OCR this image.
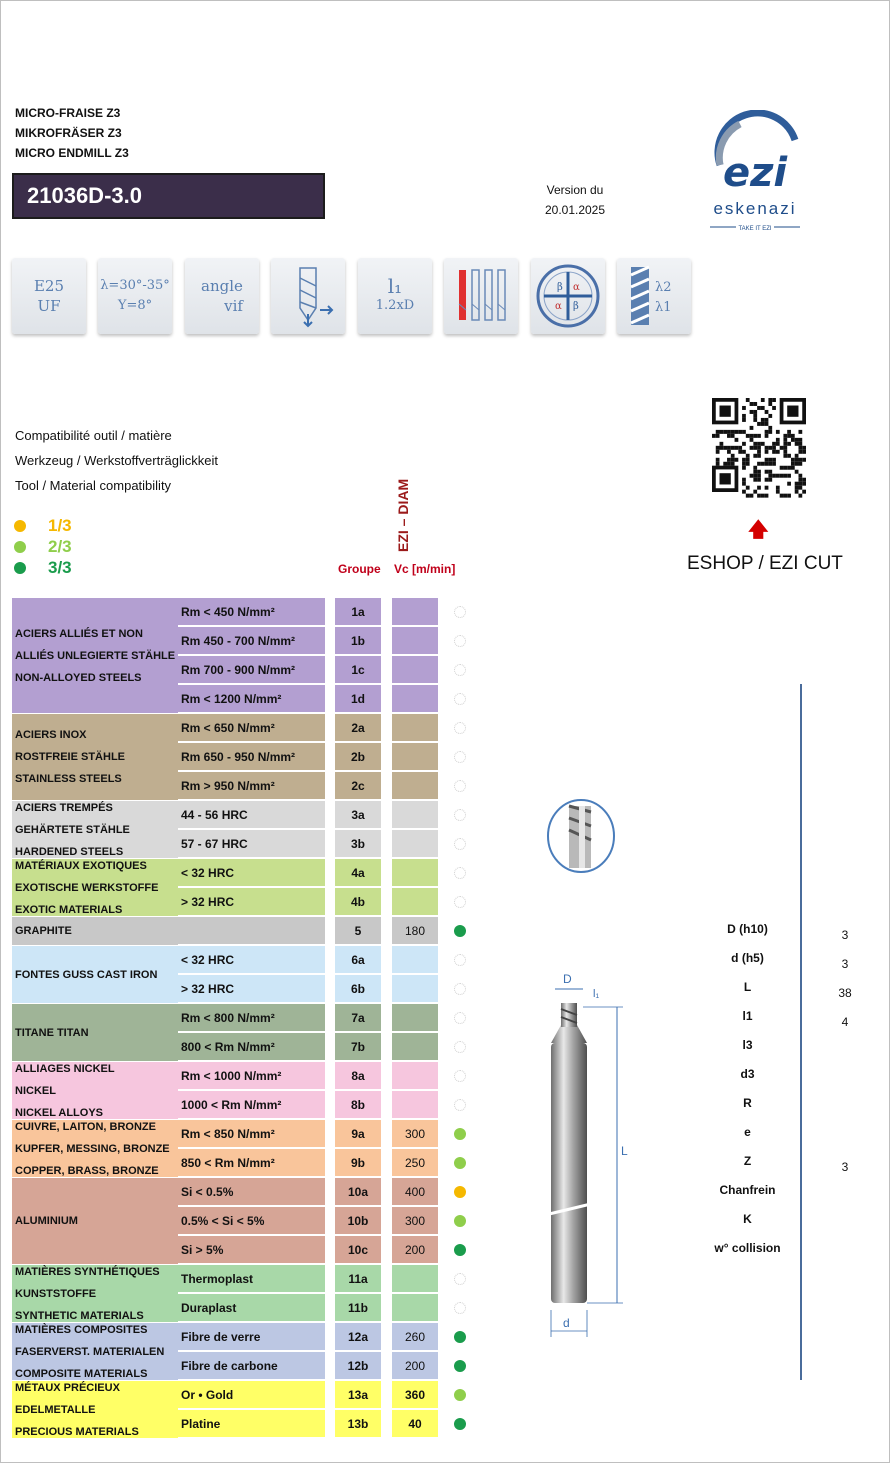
MICRO-FRAISE Z3
MIKROFRÄSER Z3
MICRO ENDMILL Z3
21036D-3.0	Version du
20.01.2025
ezi
eskenazi
TAKE IT EZI
E25
UF
λ=30°-35°
Y=8°
angle
vif
l₁
1.2xD
β α
α β
λ2
λ1
Compatibilité outil / matière
Werkzeug / Werkstoffverträglickkeit
Tool / Material compatibility
1/3
2/3
3/3
🡅
ESHOP / EZI CUT
Groupe Vc [m/min]
EZI – DIAM
ACIERS ALLIÉS ET NON
ALLIÉS UNLEGIERTE STÄHLE
NON-ALLOYED STEELS
Rm < 450 N/mm²	1a
Rm 450 - 700 N/mm²	1b
Rm 700 - 900 N/mm²	1c
Rm < 1200 N/mm²	1d
ACIERS INOX
ROSTFREIE STÄHLE
STAINLESS STEELS
Rm < 650 N/mm²	2a
Rm 650 - 950 N/mm²	2b
Rm > 950 N/mm²	2c
ACIERS TREMPÉS
GEHÄRTETE STÄHLE
HARDENED STEELS
44 - 56 HRC	3a
57 - 67 HRC	3b
MATÉRIAUX EXOTIQUES
EXOTISCHE WERKSTOFFE
EXOTIC MATERIALS
< 32 HRC	4a
> 32 HRC	4b
GRAPHITE	5	180
FONTES GUSS CAST IRON
< 32 HRC	6a
> 32 HRC	6b
TITANE TITAN
Rm < 800 N/mm²	7a
800 < Rm N/mm²	7b
ALLIAGES NICKEL
NICKEL
NICKEL ALLOYS
Rm < 1000 N/mm²	8a
1000 < Rm N/mm²	8b
CUIVRE, LAITON, BRONZE
KUPFER, MESSING, BRONZE
COPPER, BRASS, BRONZE
Rm < 850 N/mm²	9a	300
850 < Rm N/mm²	9b	250
ALUMINIUM
Si < 0.5%	10a	400
0.5% < Si < 5%	10b	300
Si > 5%	10c	200
MATIÈRES SYNTHÉTIQUES
KUNSTSTOFFE
SYNTHETIC MATERIALS
Thermoplast	11a
Duraplast	11b
MATIÈRES COMPOSITES
FASERVERST. MATERIALEN
COMPOSITE MATERIALS
Fibre de verre	12a	260
Fibre de carbone	12b	200
MÉTAUX PRÉCIEUX
EDELMETALLE
PRECIOUS MATERIALS
Or • Gold	13a	360
Platine	13b	40
D
l₁
L
d
D (h10)	3
d (h5)	3
L	38
l1	4
l3
d3
R
e
Z	3
Chanfrein
K
w° collision
